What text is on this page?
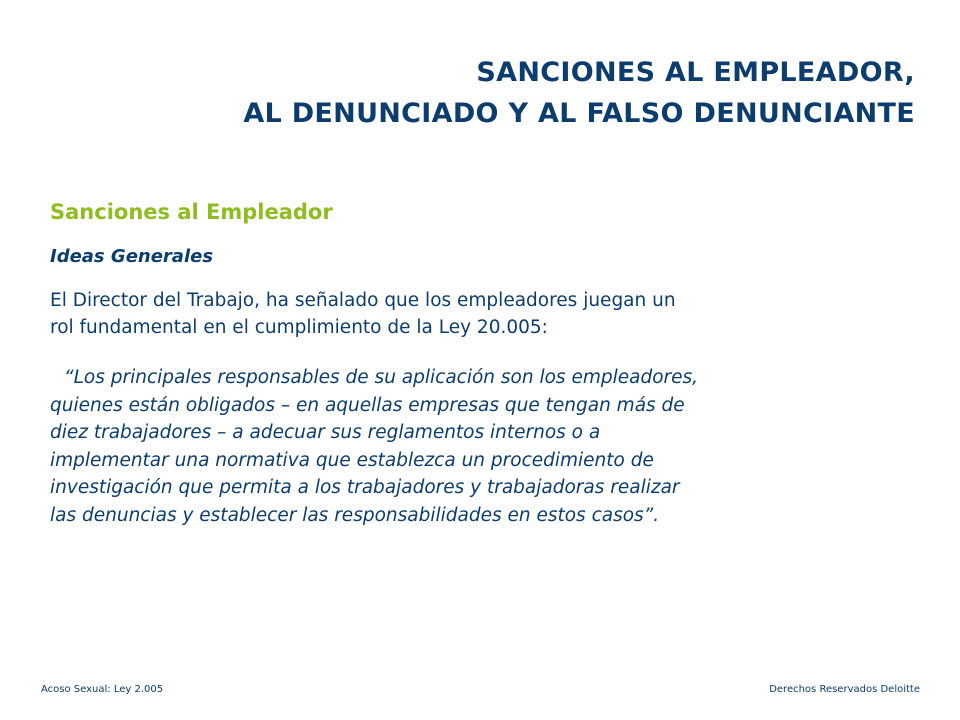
SANCIONES AL EMPLEADOR,
AL DENUNCIADO Y AL FALSO DENUNCIANTE
Sanciones al Empleador
Ideas Generales
El Director del Trabajo, ha señalado que los empleadores juegan un
rol fundamental en el cumplimiento de la Ley 20.005:
“Los principales responsables de su aplicación son los empleadores,
quienes están obligados – en aquellas empresas que tengan más de
diez trabajadores – a adecuar sus reglamentos internos o a
implementar una normativa que establezca un procedimiento de
investigación que permita a los trabajadores y trabajadoras realizar
las denuncias y establecer las responsabilidades en estos casos”.
Acoso Sexual: Ley 2.005	Derechos Reservados Deloitte
